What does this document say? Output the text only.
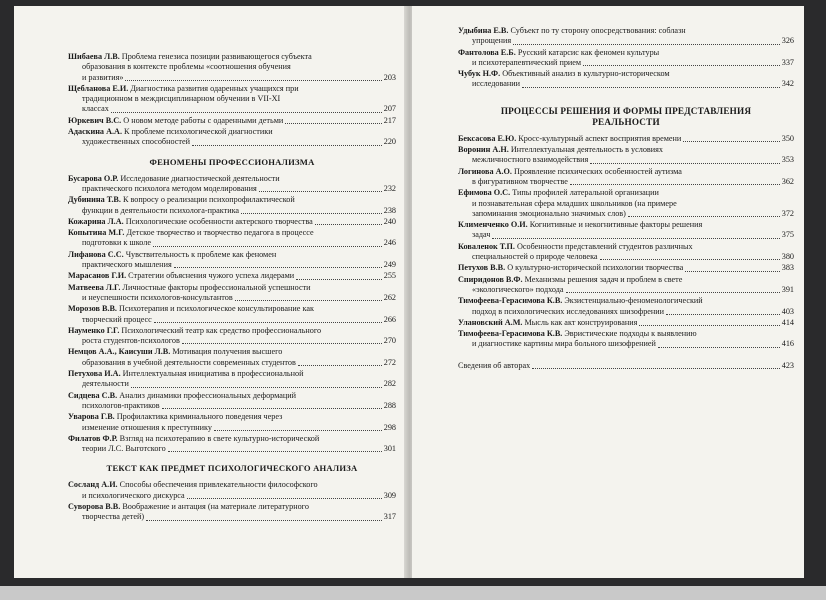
Шибаева Л.В. Проблема генезиса позиции развивающегося субъекта
образования в контексте проблемы «соотношения обучения
и развития»	203
Щебланова Е.И. Диагностика развития одаренных учащихся при
традиционном в междисциплинарном обучении в VII-XI
классах	207
Юркевич В.С. О новом методе работы с одаренными детьми	217
Адаскина А.А. К проблеме психологической диагностики
художественных способностей	220
ФЕНОМЕНЫ ПРОФЕССИОНАЛИЗМА
Бусарова О.Р. Исследование диагностической деятельности
практического психолога методом моделирования	232
Дубинина Т.В. К вопросу о реализации психопрофилактической
функции в деятельности психолога-практика	238
Кожарина Л.А. Психологические особенности актерского творчества	240
Копытина М.Г. Детское творчество и творчество педагога в процессе
подготовки к школе	246
Лифанова С.С. Чувствительность к проблеме как феномен
практического мышления	249
Марасанов Г.И. Стратегии объяснения чужого успеха лидерами	255
Матвеева Л.Г. Личностные факторы профессиональной успешности
и неуспешности психологов-консультантов	262
Морозов В.В. Психотерапия и психологическое консультирование как
творческий процесс	266
Науменко Г.Г. Психологический театр как средство профессионального
роста студентов-психологов	270
Немцов А.А., Каисуши Л.В. Мотивация получения высшего
образования в учебной деятельности современных студентов	272
Петухова И.А. Интеллектуальная инициатива в профессиональной
деятельности	282
Сидцева С.В. Анализ динамики профессиональных деформаций
психологов-практиков	288
Уварова Г.В. Профилактика криминального поведения через
изменение отношения к преступнику	298
Филатов Ф.Р. Взгляд на психотерапию в свете культурно-исторической
теории Л.С. Выготского	301
ТЕКСТ КАК ПРЕДМЕТ ПСИХОЛОГИЧЕСКОГО АНАЛИЗА
Сосланд А.И. Способы обеспечения привлекательности философского
и психологического дискурса	309
Суворова В.В. Воображение и антация (на материале литературного
творчества детей)	317
Удыбина Е.В. Субъект по ту сторону опосредствования: соблазн
упрощения	326
Фантолова Е.Б. Русский катарсис как феномен культуры
и психотерапевтический прием	337
Чубук Н.Ф. Объективный анализ в культурно-историческом
исследовании	342
ПРОЦЕССЫ РЕШЕНИЯ И ФОРМЫ ПРЕДСТАВЛЕНИЯ
РЕАЛЬНОСТИ
Бексасова Е.Ю. Кросс-культурный аспект восприятия времени	350
Воронин А.Н. Интеллектуальная деятельность в условиях
межличностного взаимодействия	353
Логинова А.О. Проявление психических особенностей аутизма
в фигуративном творчестве	362
Ефимова О.С. Типы профилей латеральной организации
и познавательная сфера младших школьников (на примере
запоминания эмоционально значимых слов)	372
Клименченко О.И. Когнитивные и некогнитивные факторы решения
задач	375
Коваленок Т.П. Особенности представлений студентов различных
специальностей о природе человека	380
Петухов В.В. О культурно-исторической психологии творчества	383
Спиридонов В.Ф. Механизмы решения задач и проблем в свете
«экологического» подхода	391
Тимофеева-Герасимова К.В. Экзистенциально-феноменологический
подход в психологических исследованиях шизофрении	403
Улановский А.М. Мысль как акт конструирования	414
Тимофеева-Герасимова К.В. Эвристические подходы к выявлению
и диагностике картины мира больного шизофренией	416
Сведения об авторах	423
